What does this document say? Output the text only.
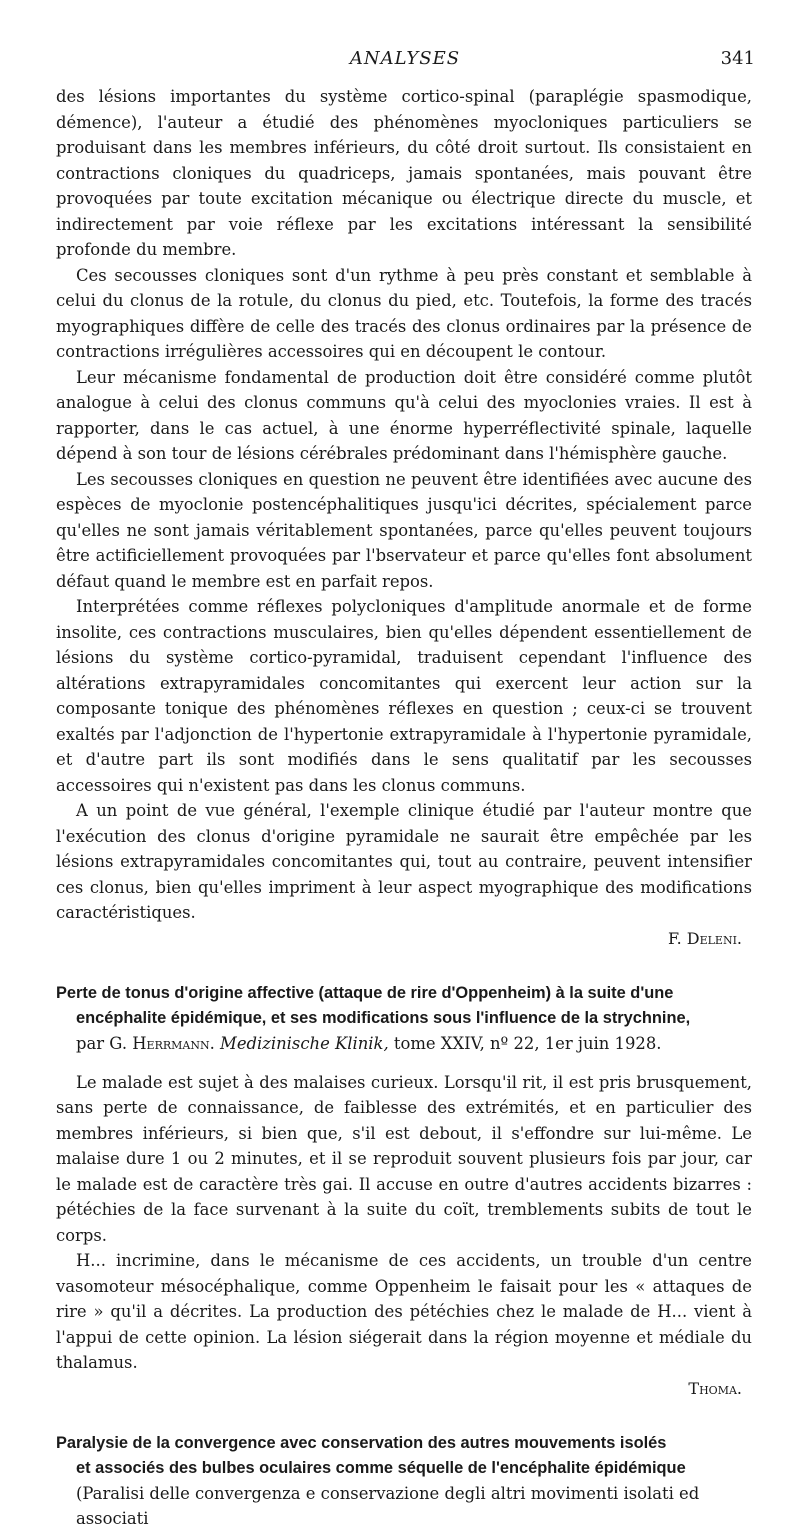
ANALYSES	341

des lésions importantes du système cortico-spinal (paraplégie spasmodique, démence), l'auteur a étudié des phénomènes myocloniques particuliers se produisant dans les membres inférieurs, du côté droit surtout. Ils consistaient en contractions cloniques du quadriceps, jamais spontanées, mais pouvant être provoquées par toute excitation mécanique ou électrique directe du muscle, et indirectement par voie réflexe par les excitations intéressant la sensibilité profonde du membre.

Ces secousses cloniques sont d'un rythme à peu près constant et semblable à celui du clonus de la rotule, du clonus du pied, etc. Toutefois, la forme des tracés myographiques diffère de celle des tracés des clonus ordinaires par la présence de contractions irrégulières accessoires qui en découpent le contour.

Leur mécanisme fondamental de production doit être considéré comme plutôt analogue à celui des clonus communs qu'à celui des myoclonies vraies. Il est à rapporter, dans le cas actuel, à une énorme hyperréflectivité spinale, laquelle dépend à son tour de lésions cérébrales prédominant dans l'hémisphère gauche.

Les secousses cloniques en question ne peuvent être identifiées avec aucune des espèces de myoclonie postencéphalitiques jusqu'ici décrites, spécialement parce qu'elles ne sont jamais véritablement spontanées, parce qu'elles peuvent toujours être actificiellement provoquées par l'bservateur et parce qu'elles font absolument défaut quand le membre est en parfait repos.

Interprétées comme réflexes polycloniques d'amplitude anormale et de forme insolite, ces contractions musculaires, bien qu'elles dépendent essentiellement de lésions du système cortico-pyramidal, traduisent cependant l'influence des altérations extrapyramidales concomitantes qui exercent leur action sur la composante tonique des phénomènes réflexes en question ; ceux-ci se trouvent exaltés par l'adjonction de l'hypertonie extrapyramidale à l'hypertonie pyramidale, et d'autre part ils sont modifiés dans le sens qualitatif par les secousses accessoires qui n'existent pas dans les clonus communs.

A un point de vue général, l'exemple clinique étudié par l'auteur montre que l'exécution des clonus d'origine pyramidale ne saurait être empêchée par les lésions extrapyramidales concomitantes qui, tout au contraire, peuvent intensifier ces clonus, bien qu'elles impriment à leur aspect myographique des modifications caractéristiques.

F. Deleni.
Perte de tonus d'origine affective (attaque de rire d'Oppenheim) à la suite d'une
encéphalite épidémique, et ses modifications sous l'influence de la strychnine,
par G. Herrmann. Medizinische Klinik, tome XXIV, nº 22, 1er juin 1928.

Le malade est sujet à des malaises curieux. Lorsqu'il rit, il est pris brusquement, sans perte de connaissance, de faiblesse des extrémités, et en particulier des membres inférieurs, si bien que, s'il est debout, il s'effondre sur lui-même. Le malaise dure 1 ou 2 minutes, et il se reproduit souvent plusieurs fois par jour, car le malade est de caractère très gai. Il accuse en outre d'autres accidents bizarres : pétéchies de la face survenant à la suite du coït, tremblements subits de tout le corps.

H... incrimine, dans le mécanisme de ces accidents, un trouble d'un centre vasomoteur mésocéphalique, comme Oppenheim le faisait pour les « attaques de rire » qu'il a décrites. La production des pétéchies chez le malade de H... vient à l'appui de cette opinion. La lésion siégerait dans la région moyenne et médiale du thalamus.

Thoma.
Paralysie de la convergence avec conservation des autres mouvements isolés
et associés des bulbes oculaires comme séquelle de l'encéphalite épidémique
(Paralisi delle convergenza e conservazione degli altri movimenti isolati ed associati
